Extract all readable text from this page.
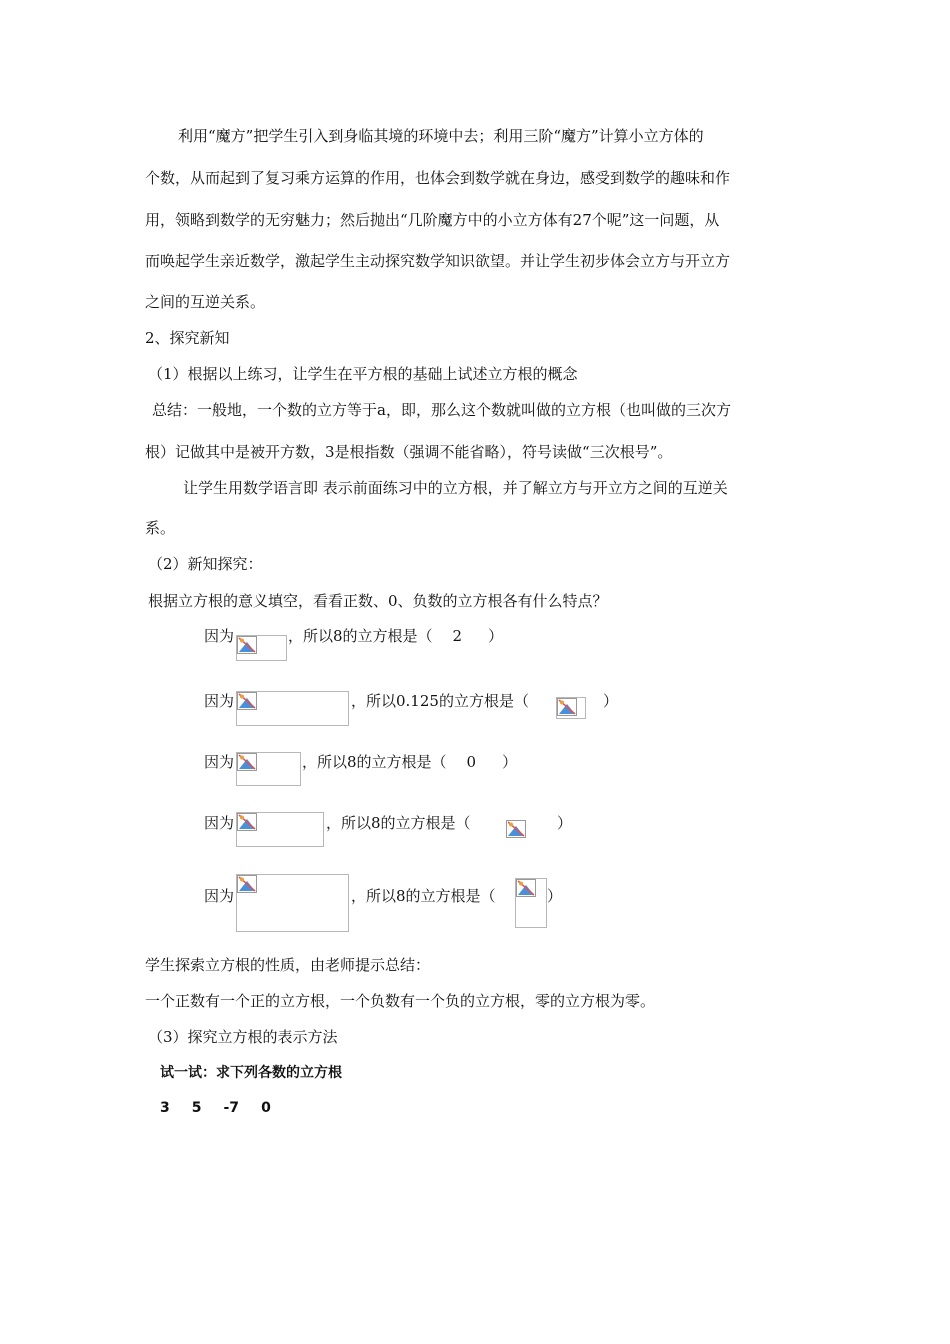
利用“魔方”把学生引入到身临其境的环境中去；利用三阶“魔方”计算小立方体的
个数，从而起到了复习乘方运算的作用，也体会到数学就在身边，感受到数学的趣味和作
用，领略到数学的无穷魅力；然后抛出“几阶魔方中的小立方体有27个呢”这一问题，从
而唤起学生亲近数学，激起学生主动探究数学知识欲望。并让学生初步体会立方与开立方
之间的互逆关系。
2、探究新知
（1）根据以上练习，让学生在平方根的基础上试述立方根的概念
总结：一般地，一个数的立方等于a，即，那么这个数就叫做的立方根（也叫做的三次方
根）记做其中是被开方数，3是根指数（强调不能省略），符号读做“三次根号”。
让学生用数学语言即 表示前面练习中的立方根，并了解立方与开立方之间的互逆关
系。
（2）新知探究：
根据立方根的意义填空，看看正数、0、负数的立方根各有什么特点？
因为	，所以8的立方根是（ 2 ）
因为	，所以0.125的立方根是（	）
因为	，所以8的立方根是（ 0 ）
因为	，所以8的立方根是（	）
因为	，所以8的立方根是（	）
学生探索立方根的性质，由老师提示总结：
一个正数有一个正的立方根，一个负数有一个负的立方根，零的立方根为零。
（3）探究立方根的表示方法
试一试：求下列各数的立方根
3 5 -7 0
